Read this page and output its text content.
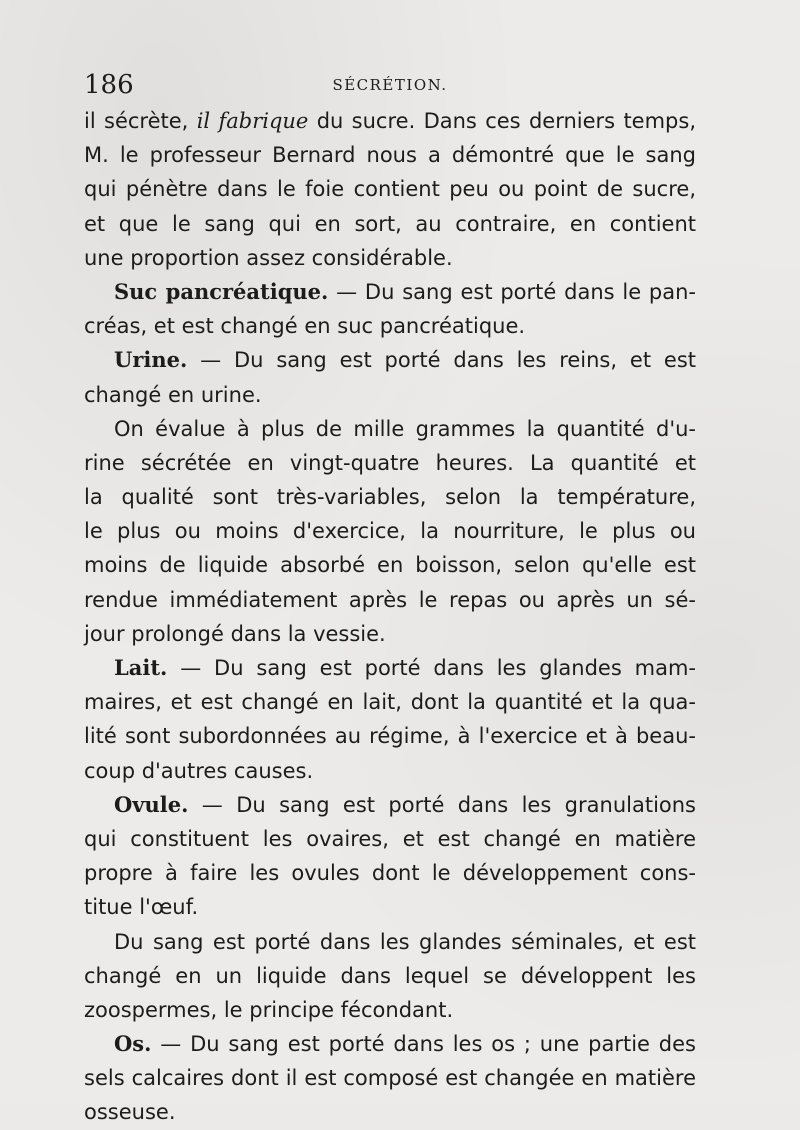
186	SÉCRÉTION.
il sécrète, il fabrique du sucre. Dans ces derniers temps,
M. le professeur Bernard nous a démontré que le sang
qui pénètre dans le foie contient peu ou point de sucre,
et que le sang qui en sort, au contraire, en contient
une proportion assez considérable.
Suc pancréatique. — Du sang est porté dans le pan-
créas, et est changé en suc pancréatique.
Urine. — Du sang est porté dans les reins, et est
changé en urine.
On évalue à plus de mille grammes la quantité d'u-
rine sécrétée en vingt-quatre heures. La quantité et
la qualité sont très-variables, selon la température,
le plus ou moins d'exercice, la nourriture, le plus ou
moins de liquide absorbé en boisson, selon qu'elle est
rendue immédiatement après le repas ou après un sé-
jour prolongé dans la vessie.
Lait. — Du sang est porté dans les glandes mam-
maires, et est changé en lait, dont la quantité et la qua-
lité sont subordonnées au régime, à l'exercice et à beau-
coup d'autres causes.
Ovule. — Du sang est porté dans les granulations
qui constituent les ovaires, et est changé en matière
propre à faire les ovules dont le développement cons-
titue l'œuf.
Du sang est porté dans les glandes séminales, et est
changé en un liquide dans lequel se développent les
zoospermes, le principe fécondant.
Os. — Du sang est porté dans les os ; une partie des
sels calcaires dont il est composé est changée en matière
osseuse.
